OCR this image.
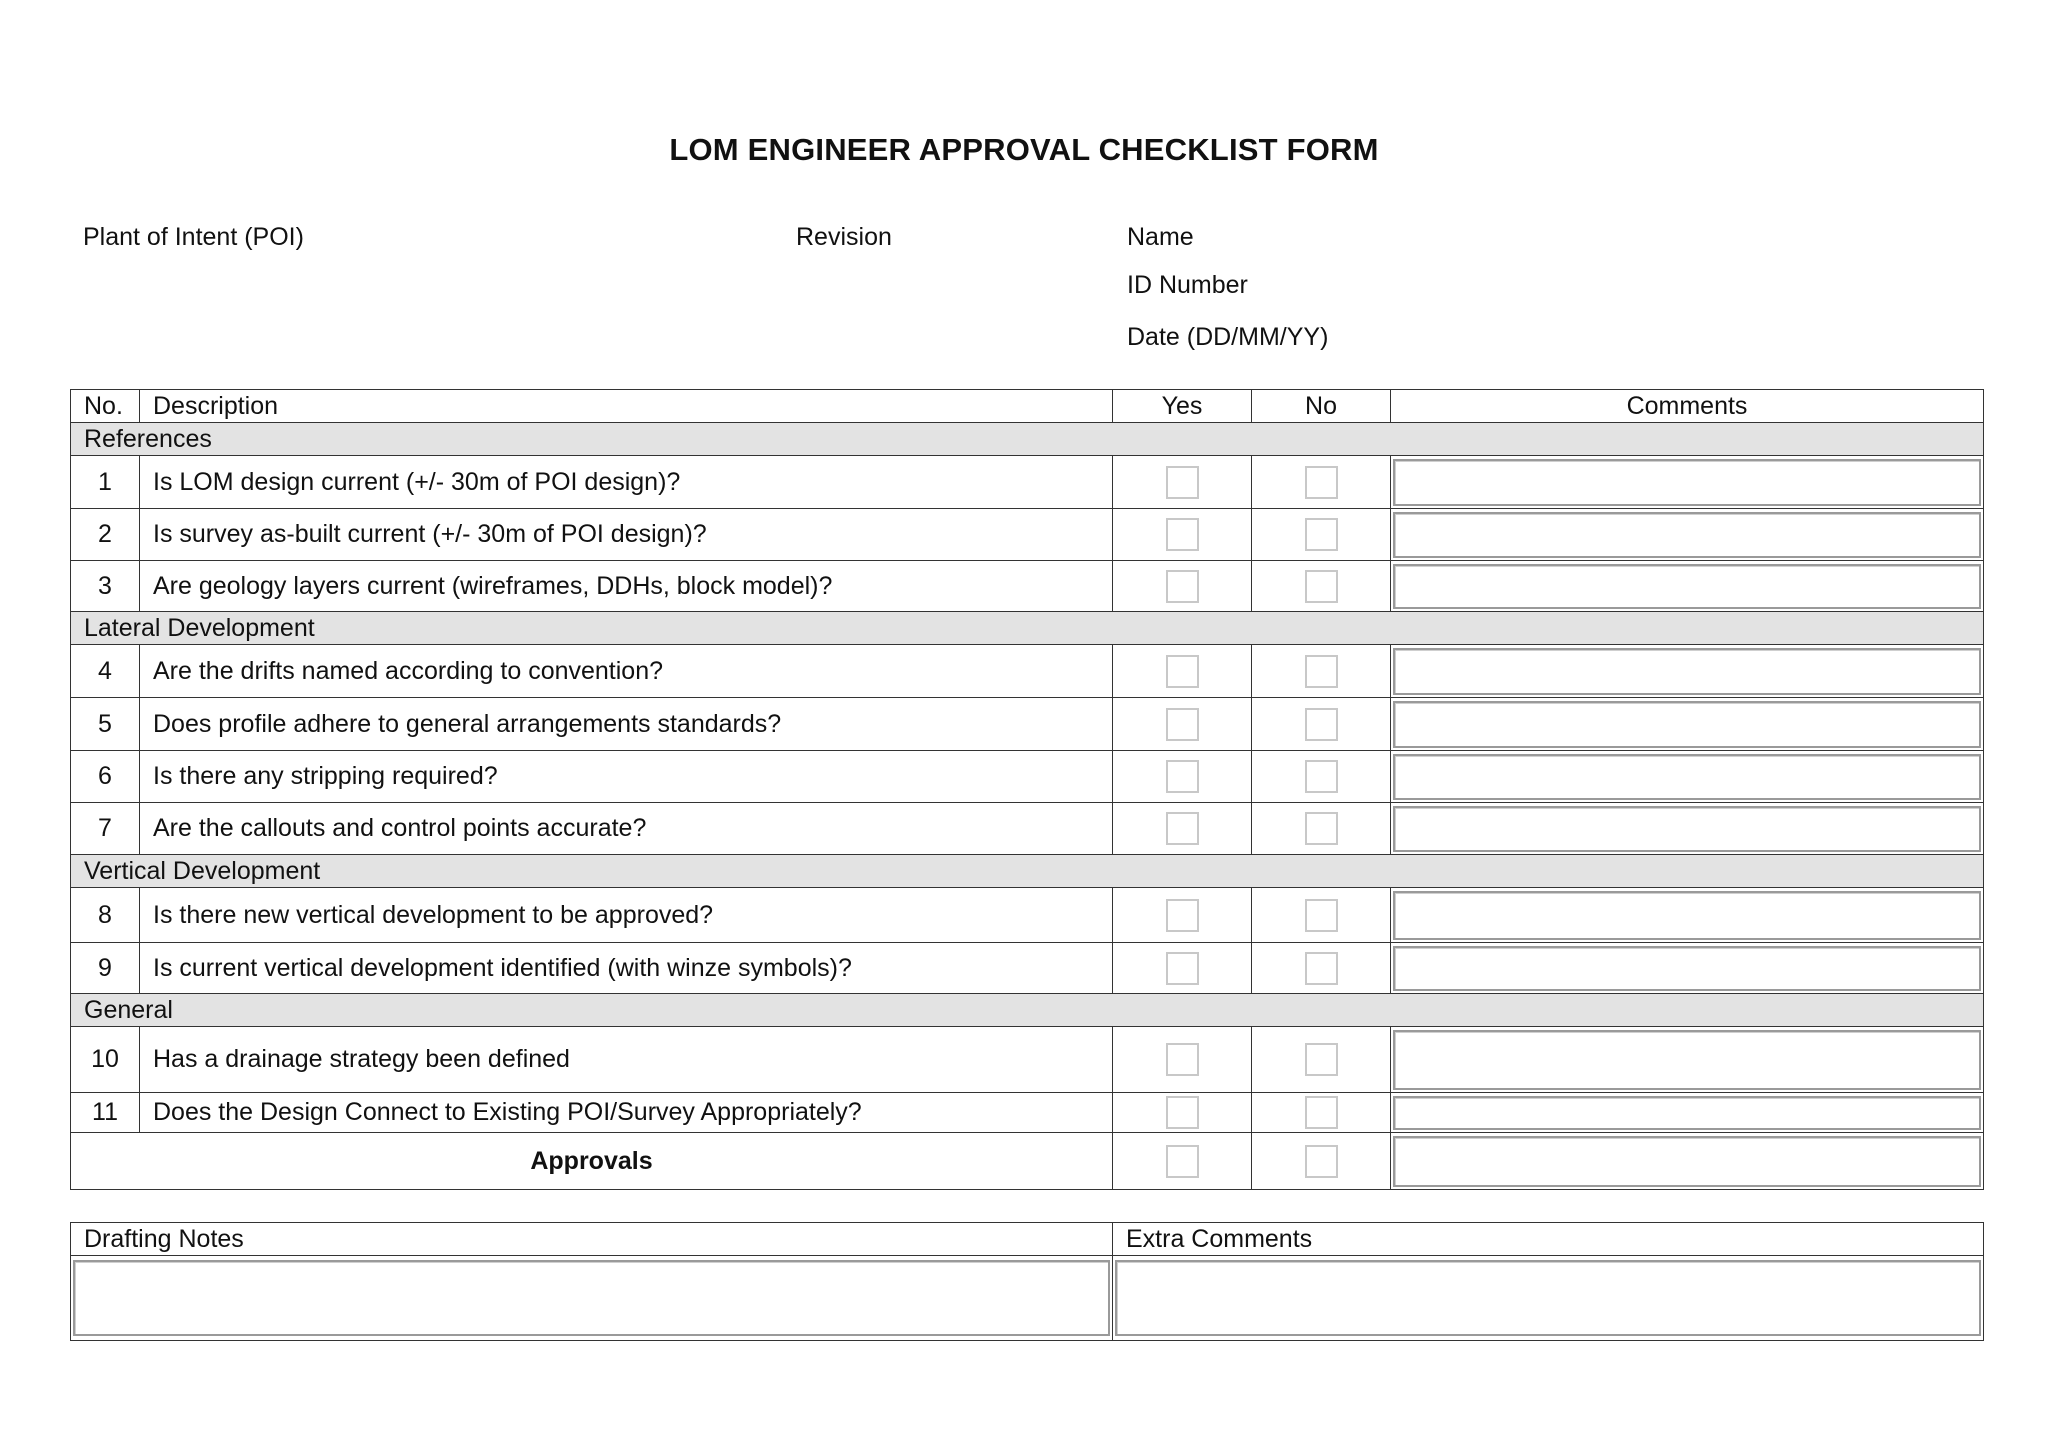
LOM ENGINEER APPROVAL CHECKLIST FORM
Plant of Intent (POI)	Revision	Name
ID Number
Date (DD/MM/YY)
No.	Description	Yes	No	Comments
References				
1	Is LOM design current (+/- 30m of POI design)?			

2	Is survey as-built current (+/- 30m of POI design)?			

3	Are geology layers current (wireframes, DDHs, block model)?			

Lateral Development				
4	Are the drifts named according to convention?			

5	Does profile adhere to general arrangements standards?			

6	Is there any stripping required?			

7	Are the callouts and control points accurate?			

Vertical Development				
8	Is there new vertical development to be approved?			

9	Is current vertical development identified (with winze symbols)?			

General				
10	Has a drainage strategy been defined			

11	Does the Design Connect to Existing POI/Survey Appropriately?			

Approvals				
Drafting Notes	Extra Comments
